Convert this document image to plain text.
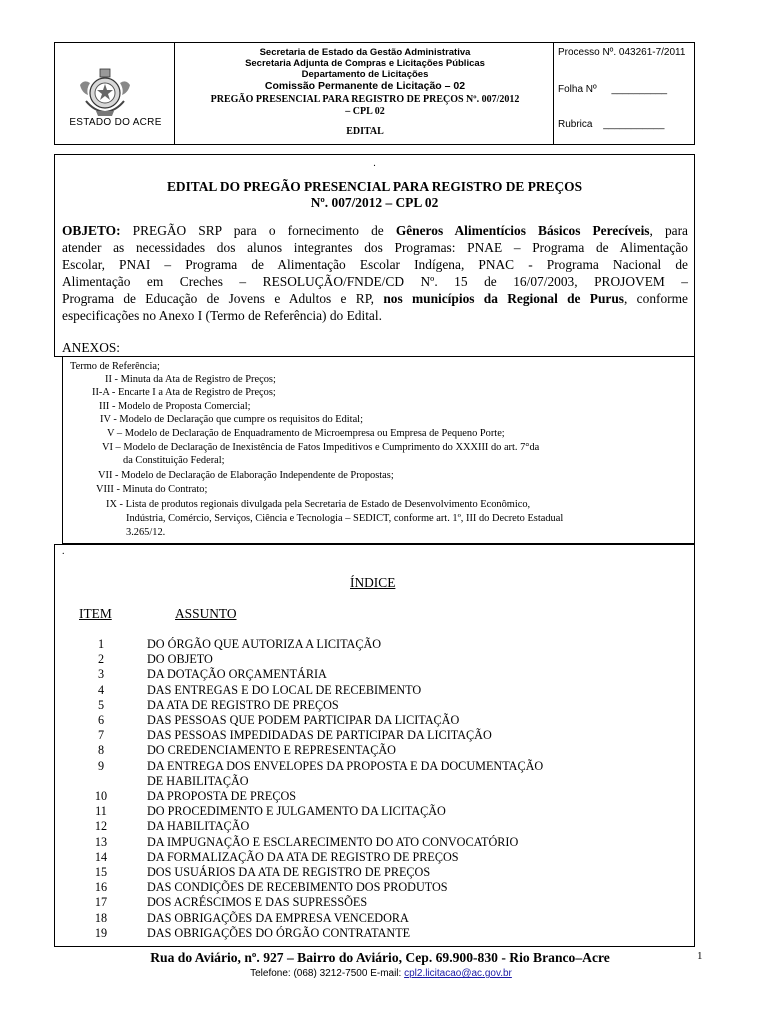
ESTADO DO ACRE
Secretaria de Estado da Gestão Administrativa
Secretaria Adjunta de Compras e Licitações Públicas
Departamento de Licitações
Comissão Permanente de Licitação – 02
PREGÃO PRESENCIAL PARA REGISTRO DE PREÇOS Nº. 007/2012
– CPL 02
EDITAL
Processo Nº. 043261-7/2011
Folha Nº __________
Rubrica ___________
.
EDITAL DO PREGÃO PRESENCIAL PARA REGISTRO DE PREÇOS
Nº. 007/2012 – CPL 02
OBJETO: PREGÃO SRP para o fornecimento de Gêneros Alimentícios Básicos Perecíveis, para
atender as necessidades dos alunos integrantes dos Programas: PNAE – Programa de Alimentação
Escolar, PNAI – Programa de Alimentação Escolar Indígena, PNAC - Programa Nacional de
Alimentação em Creches – RESOLUÇÃO/FNDE/CD Nº. 15 de 16/07/2003, PROJOVEM –
Programa de Educação de Jovens e Adultos e RP, nos municípios da Regional de Purus, conforme
especificações no Anexo I (Termo de Referência) do Edital.
ANEXOS:
Termo de Referência;
II - Minuta da Ata de Registro de Preços;
II-A - Encarte I a Ata de Registro de Preços;
III - Modelo de Proposta Comercial;
IV - Modelo de Declaração que cumpre os requisitos do Edital;
V – Modelo de Declaração de Enquadramento de Microempresa ou Empresa de Pequeno Porte;
VI – Modelo de Declaração de Inexistência de Fatos Impeditivos e Cumprimento do XXXIII do art. 7°da
da Constituição Federal;
VII - Modelo de Declaração de Elaboração Independente de Propostas;
VIII - Minuta do Contrato;
IX - Lista de produtos regionais divulgada pela Secretaria de Estado de Desenvolvimento Econômico,
Indústria, Comércio, Serviços, Ciência e Tecnologia – SEDICT, conforme art. 1º, III do Decreto Estadual
3.265/12.
.
ÍNDICE
ITEM	ASSUNTO
1	DO ÓRGÃO QUE AUTORIZA A LICITAÇÃO
2	DO OBJETO
3	DA DOTAÇÃO ORÇAMENTÁRIA
4	DAS ENTREGAS E DO LOCAL DE RECEBIMENTO
5	DA ATA DE REGISTRO DE PREÇOS
6	DAS PESSOAS QUE PODEM PARTICIPAR DA LICITAÇÃO
7	DAS PESSOAS IMPEDIDADAS DE PARTICIPAR DA LICITAÇÃO
8	DO CREDENCIAMENTO E REPRESENTAÇÃO
9	DA ENTREGA DOS ENVELOPES DA PROPOSTA E DA DOCUMENTAÇÃO
DE HABILITAÇÃO
10	DA PROPOSTA DE PREÇOS
11	DO PROCEDIMENTO E JULGAMENTO DA LICITAÇÃO
12	DA HABILITAÇÃO
13	DA IMPUGNAÇÃO E ESCLARECIMENTO DO ATO CONVOCATÓRIO
14	DA FORMALIZAÇÃO DA ATA DE REGISTRO DE PREÇOS
15	DOS USUÁRIOS DA ATA DE REGISTRO DE PREÇOS
16	DAS CONDIÇÕES DE RECEBIMENTO DOS PRODUTOS
17	DOS ACRÉSCIMOS E DAS SUPRESSÕES
18	DAS OBRIGAÇÕES DA EMPRESA VENCEDORA
19	DAS OBRIGAÇÕES DO ÓRGÃO CONTRATANTE
Rua do Aviário, nº. 927 – Bairro do Aviário, Cep. 69.900-830 - Rio Branco–Acre	1
Telefone: (068) 3212-7500 E-mail: cpl2.licitacao@ac.gov.br
